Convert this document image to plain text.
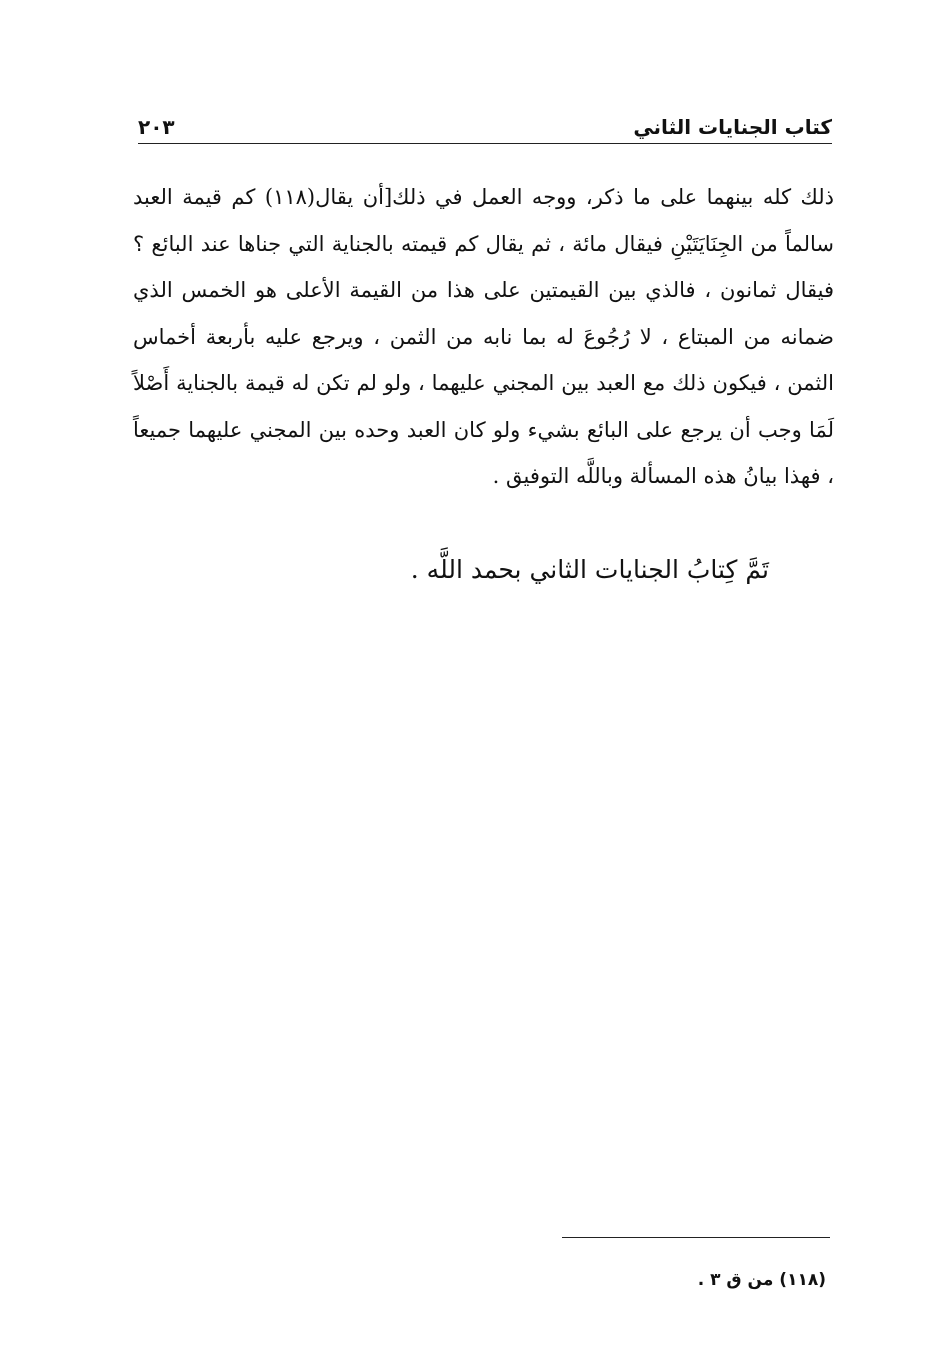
كتاب الجنايات الثاني
٢٠٣

ذلك كله بينهما على ما ذكر، ووجه العمل في ذلك[أن يقال(١١٨) كم قيمة العبد سالماً من الجِنَايَتَيْنِ فيقال مائة ، ثم يقال كم قيمته بالجناية التي جناها عند البائع ؟ فيقال ثمانون ، فالذي بين القيمتين على هذا من القيمة الأعلى هو الخمس الذي ضمانه من المبتاع ، لا رُجُوعَ له بما نابه من الثمن ، ويرجع عليه بأربعة أخماس الثمن ، فيكون ذلك مع العبد بين المجني عليهما ، ولو لم تكن له قيمة بالجناية أَصْلاً لَمَا وجب أن يرجع على البائع بشيء ولو كان العبد وحده بين المجني عليهما جميعاً ، فهذا بيانُ هذه المسألة وباللَّه التوفيق .

تَمَّ كِتابُ الجنايات الثاني بحمد اللَّه .
(١١٨) من ق ٣ .
